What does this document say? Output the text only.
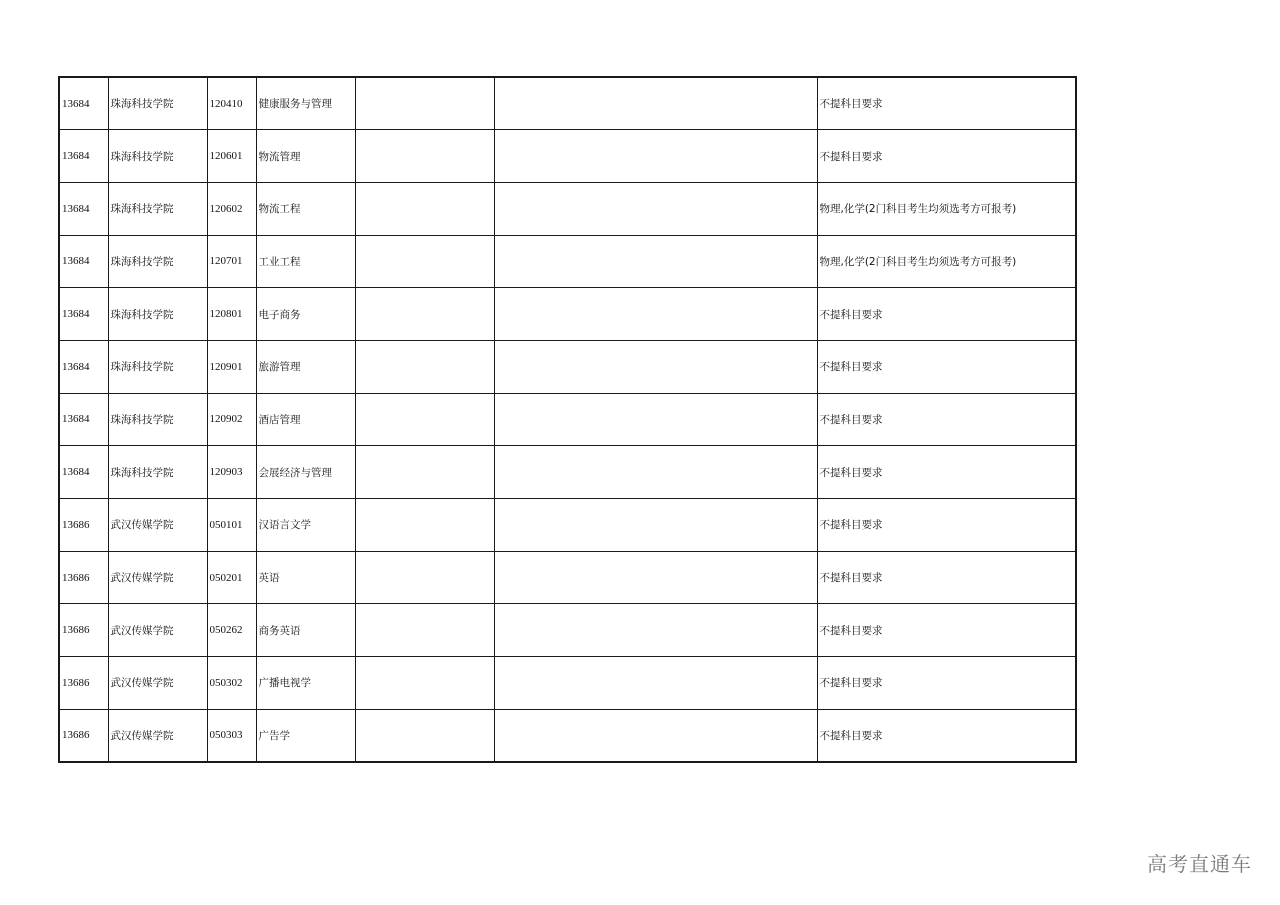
13684	珠海科技学院	120410	健康服务与管理			不提科目要求
13684	珠海科技学院	120601	物流管理			不提科目要求
13684	珠海科技学院	120602	物流工程			物理,化学(2门科目考生均须选考方可报考)
13684	珠海科技学院	120701	工业工程			物理,化学(2门科目考生均须选考方可报考)
13684	珠海科技学院	120801	电子商务			不提科目要求
13684	珠海科技学院	120901	旅游管理			不提科目要求
13684	珠海科技学院	120902	酒店管理			不提科目要求
13684	珠海科技学院	120903	会展经济与管理			不提科目要求
13686	武汉传媒学院	050101	汉语言文学			不提科目要求
13686	武汉传媒学院	050201	英语			不提科目要求
13686	武汉传媒学院	050262	商务英语			不提科目要求
13686	武汉传媒学院	050302	广播电视学			不提科目要求
13686	武汉传媒学院	050303	广告学			不提科目要求
高考直通车
